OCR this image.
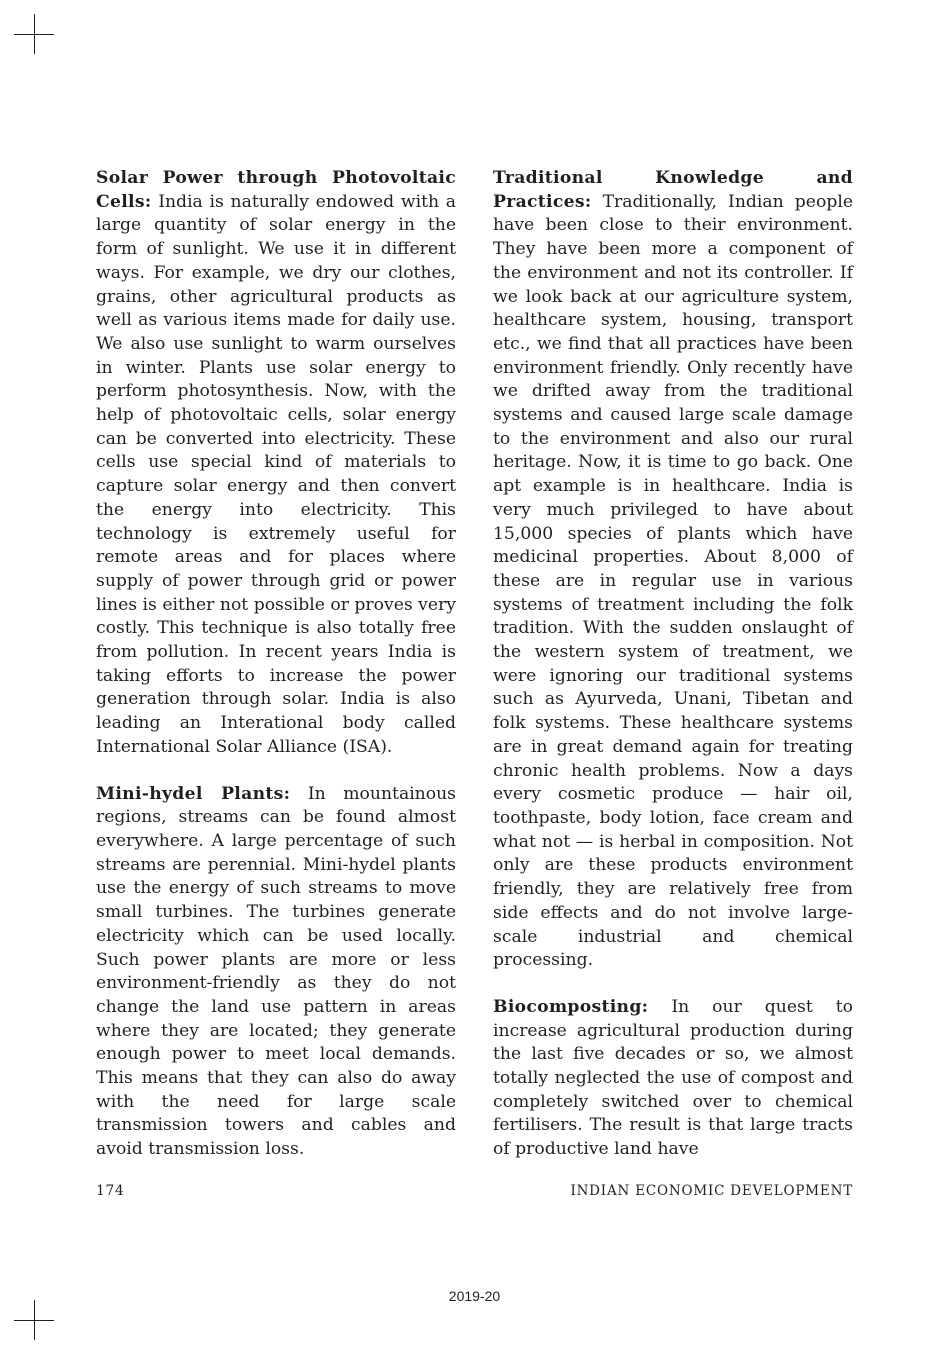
Solar Power through Photovoltaic Cells: India is naturally endowed with a large quantity of solar energy in the form of sunlight. We use it in different ways. For example, we dry our clothes, grains, other agricultural products as well as various items made for daily use. We also use sunlight to warm ourselves in winter. Plants use solar energy to perform photosynthesis. Now, with the help of photovoltaic cells, solar energy can be converted into electricity. These cells use special kind of materials to capture solar energy and then convert the energy into electricity. This technology is extremely useful for remote areas and for places where supply of power through grid or power lines is either not possible or proves very costly. This technique is also totally free from pollution. In recent years India is taking efforts to increase the power generation through solar. India is also leading an Interational body called International Solar Alliance (ISA).

Mini-hydel Plants: In mountainous regions, streams can be found almost everywhere. A large percentage of such streams are perennial. Mini-hydel plants use the energy of such streams to move small turbines. The turbines generate electricity which can be used locally. Such power plants are more or less environment-friendly as they do not change the land use pattern in areas where they are located; they generate enough power to meet local demands. This means that they can also do away with the need for large scale transmission towers and cables and avoid transmission loss.

Traditional Knowledge and Practices: Traditionally, Indian people have been close to their environment. They have been more a component of the environment and not its controller. If we look back at our agriculture system, healthcare system, housing, transport etc., we find that all practices have been environment friendly. Only recently have we drifted away from the traditional systems and caused large scale damage to the environment and also our rural heritage. Now, it is time to go back. One apt example is in healthcare. India is very much privileged to have about 15,000 species of plants which have medicinal properties. About 8,000 of these are in regular use in various systems of treatment including the folk tradition. With the sudden onslaught of the western system of treatment, we were ignoring our traditional systems such as Ayurveda, Unani, Tibetan and folk systems. These healthcare systems are in great demand again for treating chronic health problems. Now a days every cosmetic produce — hair oil, toothpaste, body lotion, face cream and what not — is herbal in composition. Not only are these products environment friendly, they are relatively free from side effects and do not involve large-scale industrial and chemical processing.

Biocomposting: In our quest to increase agricultural production during the last five decades or so, we almost totally neglected the use of compost and completely switched over to chemical fertilisers. The result is that large tracts of productive land have

174	INDIAN ECONOMIC DEVELOPMENT
2019-20
